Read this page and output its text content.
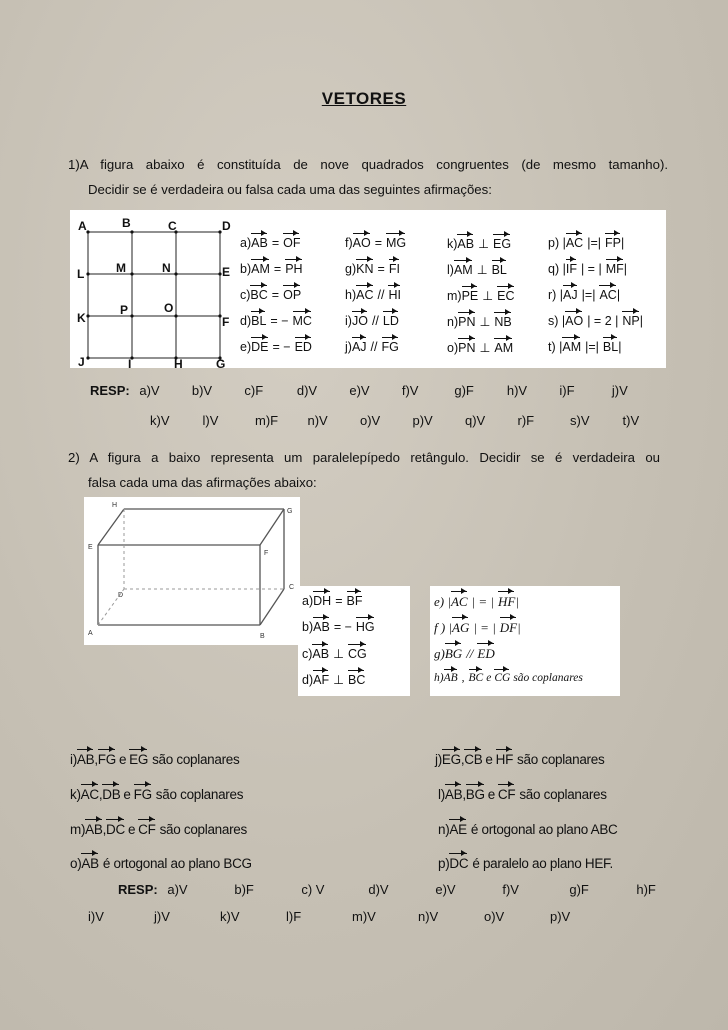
VETORES
1)A figura abaixo é constituída de nove quadrados congruentes (de mesmo tamanho).
Decidir se é verdadeira ou falsa cada uma das seguintes afirmações:
A	B	C	D
E
F
G
H
I
J
K
L	M	N
O
P
a)AB = OF
b)AM = PH
c)BC = OP
d)BL = − MC
e)DE = − ED
f)AO = MG
g)KN = FI
h)AC // HI
i)JO // LD
j)AJ // FG
k)AB ⊥ EG
l)AM ⊥ BL
m)PE ⊥ EC
n)PN ⊥ NB
o)PN ⊥ AM
p) |AC |=| FP|
q) |IF | = | MF|
r) |AJ |=| AC|
s) |AO | = 2 | NP|
t) |AM |=| BL|
RESP: a)V b)V c)F	d)V e)V f)V	g)F	h)V i)F	j)V
k)V	l)V	m)F n)V o)V p)V q)V r)F	s)V	t)V
2) A figura a baixo representa um paralelepípedo retângulo. Decidir se é verdadeira ou
falsa cada uma das afirmações abaixo:
A	B
C
D
E
F
G
H
a)DH = BF
b)AB = − HG
c)AB ⊥ CG
d)AF ⊥ BC
e) |AC | = | HF|
f ) |AG | = | DF|
g)BG // ED
h)AB , BC e CG são coplanares
i)AB,FG e EG são coplanares	j)EG,CB e HF são coplanares
k)AC,DB e FG são coplanares	l)AB,BG e CF são coplanares
m)AB,DC e CF são coplanares	n)AE é ortogonal ao plano ABC
o)AB é ortogonal ao plano BCG	p)DC é paralelo ao plano HEF.
RESP: a)V	b)F	c) V	d)V	e)V	f)V	g)F	h)F
i)V	j)V	k)V	l)F	m)V	n)V	o)V	p)V
